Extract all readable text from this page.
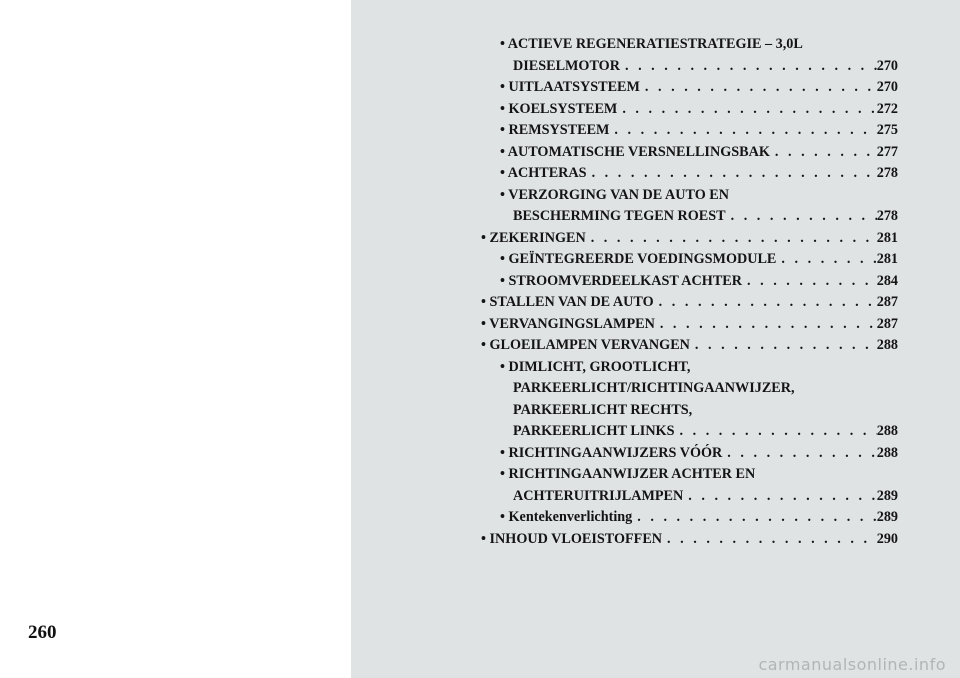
260
• ACTIEVE REGENERATIESTRATEGIE – 3,0L
DIESELMOTOR . . .	270
• UITLAATSYSTEEM . . .	270
• KOELSYSTEEM . . .	272
• REMSYSTEEM . . .	275
• AUTOMATISCHE VERSNELLINGSBAK . . .	277
• ACHTERAS . . .	278
• VERZORGING VAN DE AUTO EN
BESCHERMING TEGEN ROEST . . .	278
• ZEKERINGEN . . .	281
• GEÏNTEGREERDE VOEDINGSMODULE . . .	281
• STROOMVERDEELKAST ACHTER . . .	284
• STALLEN VAN DE AUTO . . .	287
• VERVANGINGSLAMPEN . . .	287
• GLOEILAMPEN VERVANGEN . . .	288
• DIMLICHT, GROOTLICHT,
PARKEERLICHT/RICHTINGAANWIJZER,
PARKEERLICHT RECHTS,
PARKEERLICHT LINKS . . .	288
• RICHTINGAANWIJZERS VÓÓR . . .	288
• RICHTINGAANWIJZER ACHTER EN
ACHTERUITRIJLAMPEN . . .	289
• Kentekenverlichting . . .	289
• INHOUD VLOEISTOFFEN . . .	290
carmanualsonline.info
